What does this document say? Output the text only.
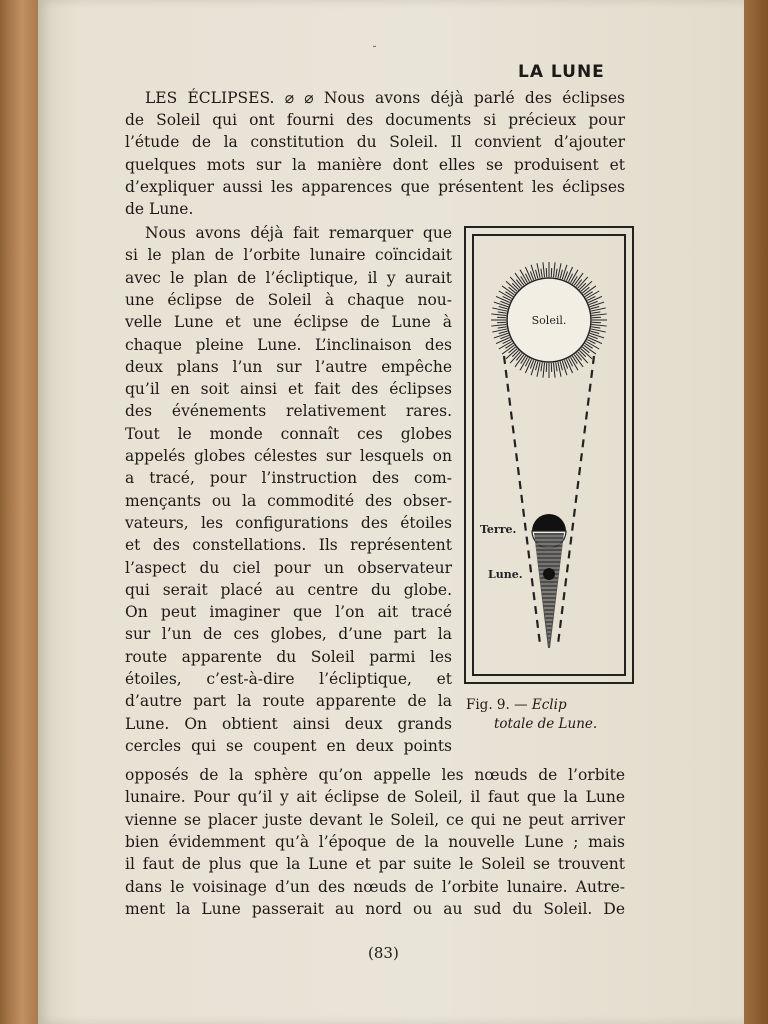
˘
LA LUNE
LES ÉCLIPSES. ⌀ ⌀ Nous avons déjà parlé des éclipses
de Soleil qui ont fourni des documents si précieux pour
l’étude de la constitution du Soleil. Il convient d’ajouter
quelques mots sur la manière dont elles se produisent et
d’expliquer aussi les apparences que présentent les éclipses
de Lune.
Nous avons déjà fait remarquer que
si le plan de l’orbite lunaire coïncidait
avec le plan de l’écliptique, il y aurait
une éclipse de Soleil à chaque nou-
velle Lune et une éclipse de Lune à
chaque pleine Lune. L’inclinaison des
deux plans l’un sur l’autre empêche
qu’il en soit ainsi et fait des éclipses
des événements relativement rares.
Tout le monde connaît ces globes
appelés globes célestes sur lesquels on
a tracé, pour l’instruction des com-
mençants ou la commodité des obser-
vateurs, les configurations des étoiles
et des constellations. Ils représentent
l’aspect du ciel pour un observateur
qui serait placé au centre du globe.
On peut imaginer que l’on ait tracé
sur l’un de ces globes, d’une part la
route apparente du Soleil parmi les
étoiles, c’est-à-dire l’écliptique, et
d’autre part la route apparente de la
Lune. On obtient ainsi deux grands
cercles qui se coupent en deux points
opposés de la sphère qu’on appelle les nœuds de l’orbite
lunaire. Pour qu’il y ait éclipse de Soleil, il faut que la Lune
vienne se placer juste devant le Soleil, ce qui ne peut arriver
bien évidemment qu’à l’époque de la nouvelle Lune ; mais
il faut de plus que la Lune et par suite le Soleil se trouvent
dans le voisinage d’un des nœuds de l’orbite lunaire. Autre-
ment la Lune passerait au nord ou au sud du Soleil. De
Soleil.
Terre.
Lune.
Fig. 9. — Eclip
totale de Lune.
(83)
